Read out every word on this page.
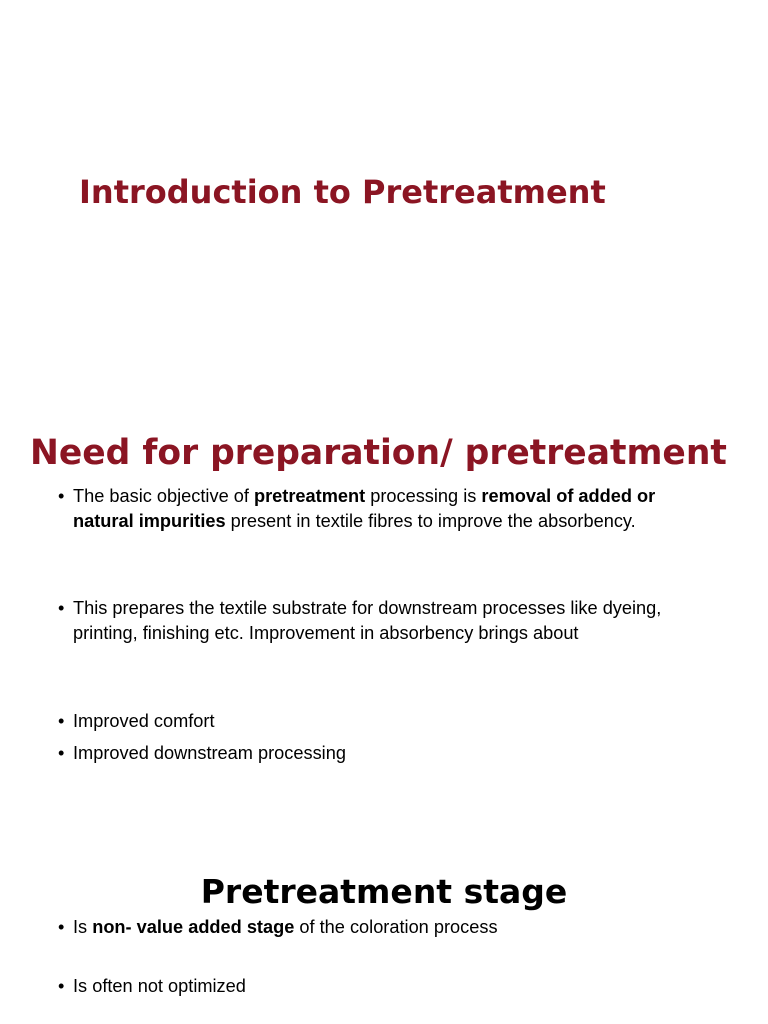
Introduction to Pretreatment
Need for preparation/ pretreatment
• The basic objective of pretreatment processing is removal of added or natural impurities present in textile fibres to improve the absorbency.
• This prepares the textile substrate for downstream processes like dyeing, printing, finishing etc. Improvement in absorbency brings about
• Improved comfort
• Improved downstream processing
Pretreatment stage
• Is non- value added stage of the coloration process
• Is often not optimized
